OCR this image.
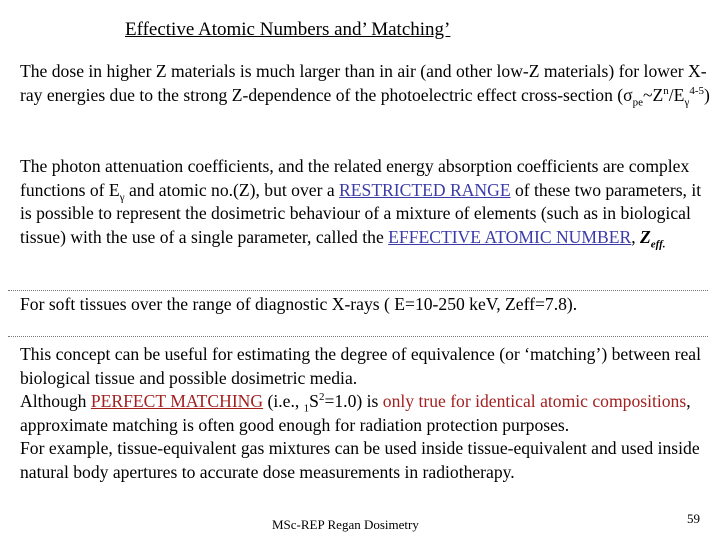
Effective Atomic Numbers and’ Matching’
The dose in higher Z materials is much larger than in air (and other low-Z materials) for lower X-ray energies due to the strong Z-dependence of the photoelectric effect cross-section $(\sigma_{pe}\sim Z^n/E_\gamma^{4-5})$
The photon attenuation coefficients, and the related energy absorption coefficients are complex functions of $E_\gamma$ and atomic no.(Z), but over a RESTRICTED RANGE of these two parameters, it is possible to represent the dosimetric behaviour of a mixture of elements (such as in biological tissue) with the use of a single parameter, called the EFFECTIVE ATOMIC NUMBER, $Z_{eff.}$
For soft tissues over the range of diagnostic X-rays ( E=10-250 keV, Zeff=7.8).
This concept can be useful for estimating the degree of equivalence (or ‘matching’) between real biological tissue and possible dosimetric media.
Although PERFECT MATCHING (i.e., $_1S^2=1.0$) is only true for identical atomic compositions, approximate matching is often good enough for radiation protection purposes.
For example, tissue-equivalent gas mixtures can be used inside tissue-equivalent and used inside natural body apertures to accurate dose measurements in radiotherapy.
MSc-REP Regan Dosimetry	59
